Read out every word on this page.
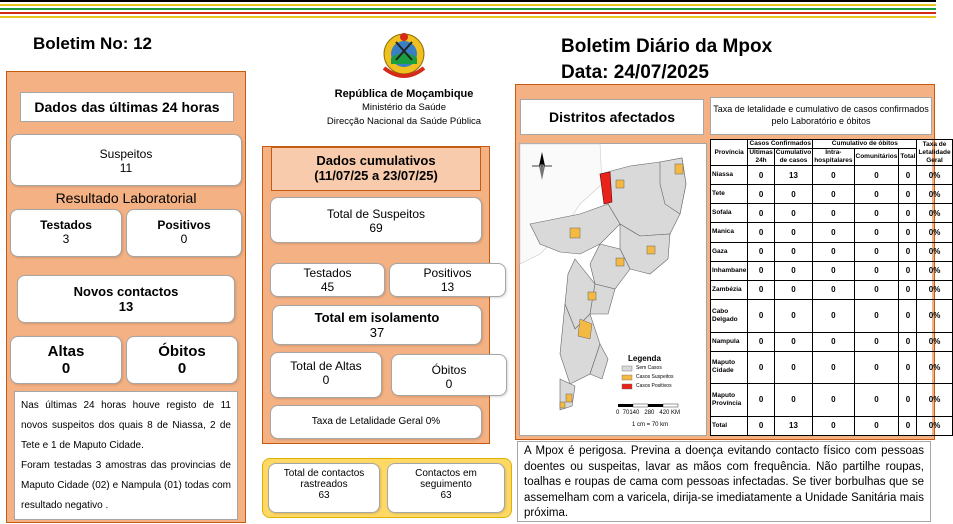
Boletim No: 12	Boletim Diário da Mpox
Data: 24/07/2025
República de Moçambique
Ministério da Saúde
Direcção Nacional da Saúde Pública
Dados das últimas 24 horas
Suspeitos
11
Resultado Laboratorial
Testados
3
Positivos
0
Novos contactos
13
Altas
0
Óbitos
0
Nas últimas 24 horas houve registo de 11 novos suspeitos dos quais 8 de Niassa, 2 de Tete e 1 de Maputo Cidade.
Foram testadas 3 amostras das provincias de Maputo Cidade (02) e Nampula (01) todas com resultado negativo .
Dados cumulativos
(11/07/25 a 23/07/25)
Total de Suspeitos
69
Testados
45
Positivos
13
Total em isolamento
37
Total de Altas
0
Óbitos
0
Taxa de Letalidade Geral 0%
Total de contactos rastreados
63
Contactos em seguimento
63
Distritos afectados	Taxa de letalidade e cumulativo de casos confirmados pelo Laboratório e óbitos
Legenda
Sem Casos
Casos Suspeitos
Casos Positivos
0  70140   280   420 KM
1 cm = 70 km
Província	Casos Confirmados		Cumulativo de óbitos			Taxa de Letalidade Geral
	Últimas 24h	Cumulativo de casos	Intra-hospitalares	Comunitários	Total	
Niassa	0	13	0	0	0	0%
Tete	0	0	0	0	0	0%
Sofala	0	0	0	0	0	0%
Manica	0	0	0	0	0	0%
Gaza	0	0	0	0	0	0%
Inhambane	0	0	0	0	0	0%
Zambézia	0	0	0	0	0	0%
Cabo Delgado	0	0	0	0	0	0%
Nampula	0	0	0	0	0	0%
Maputo Cidade	0	0	0	0	0	0%
Maputo Província	0	0	0	0	0	0%
Total	0	13	0	0	0	0%
A Mpox é perigosa. Previna a doença evitando contacto físico com pessoas doentes ou suspeitas, lavar as mãos com frequência. Não partilhe roupas, toalhas e roupas de cama com pessoas infectadas. Se tiver borbulhas que se assemelham com a varicela, dirija-se imediatamente a Unidade Sanitária mais próxima.
